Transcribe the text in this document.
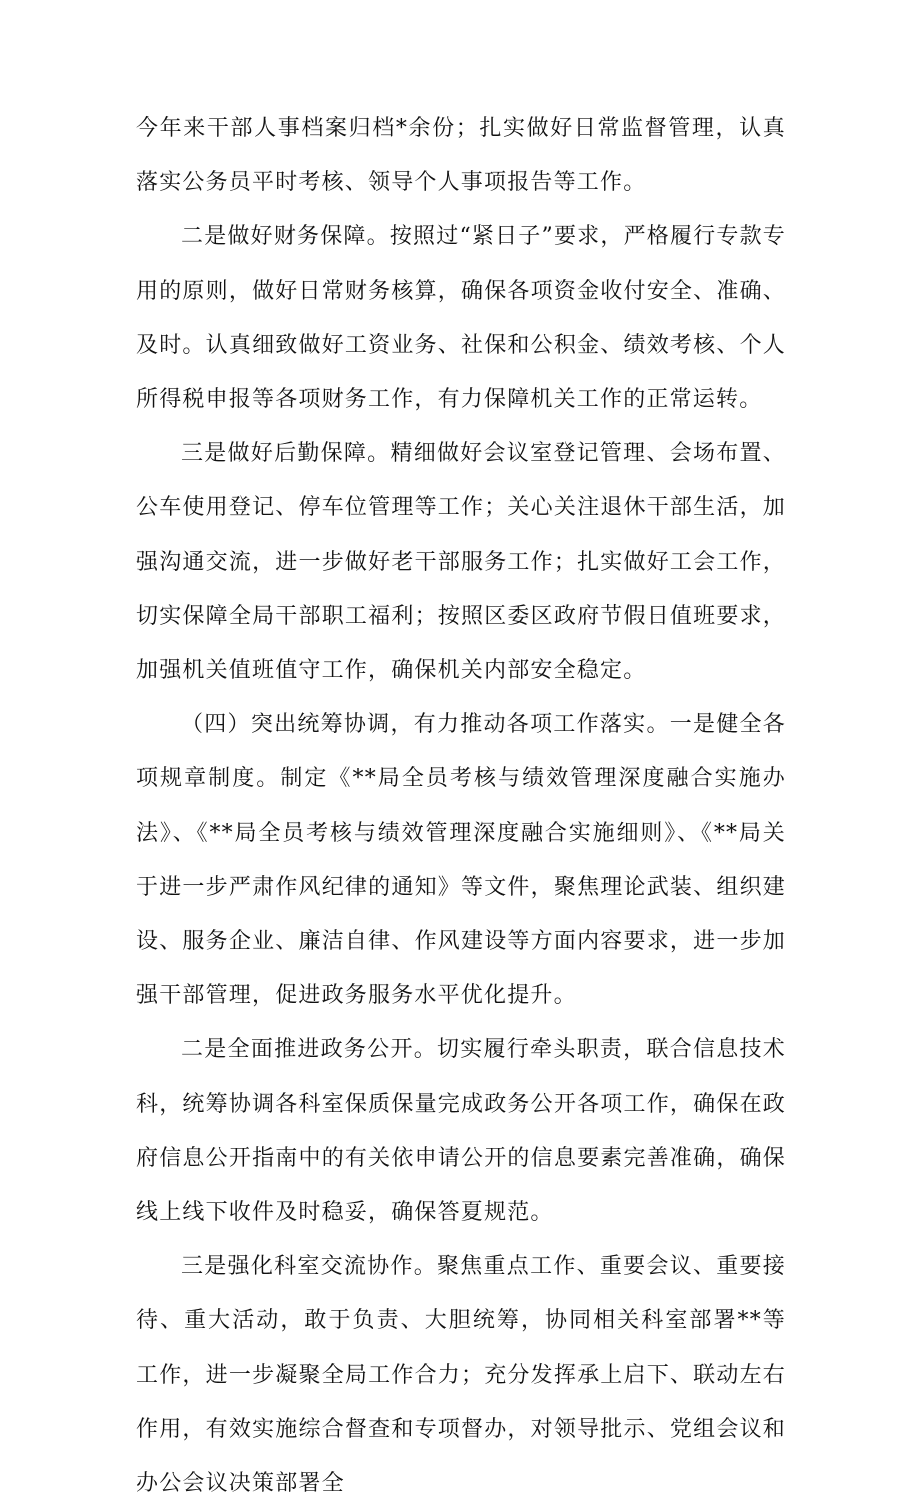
今年来干部人事档案归档*余份；扎实做好日常监督管理，认真落实公务员平时考核、领导个人事项报告等工作。

二是做好财务保障。按照过“紧日子”要求，严格履行专款专用的原则，做好日常财务核算，确保各项资金收付安全、准确、及时。认真细致做好工资业务、社保和公积金、绩效考核、个人所得税申报等各项财务工作，有力保障机关工作的正常运转。

三是做好后勤保障。精细做好会议室登记管理、会场布置、公车使用登记、停车位管理等工作；关心关注退休干部生活，加强沟通交流，进一步做好老干部服务工作；扎实做好工会工作，切实保障全局干部职工福利；按照区委区政府节假日值班要求，加强机关值班值守工作，确保机关内部安全稳定。

（四）突出统筹协调，有力推动各项工作落实。一是健全各项规章制度。制定《**局全员考核与绩效管理深度融合实施办法》、《**局全员考核与绩效管理深度融合实施细则》、《**局关于进一步严肃作风纪律的通知》等文件，聚焦理论武装、组织建设、服务企业、廉洁自律、作风建设等方面内容要求，进一步加强干部管理，促进政务服务水平优化提升。

二是全面推进政务公开。切实履行牵头职责，联合信息技术科，统筹协调各科室保质保量完成政务公开各项工作，确保在政府信息公开指南中的有关依申请公开的信息要素完善准确，确保线上线下收件及时稳妥，确保答夏规范。

三是强化科室交流协作。聚焦重点工作、重要会议、重要接待、重大活动，敢于负责、大胆统筹，协同相关科室部署**等工作，进一步凝聚全局工作合力；充分发挥承上启下、联动左右作用，有效实施综合督查和专项督办，对领导批示、党组会议和办公会议决策部署全
